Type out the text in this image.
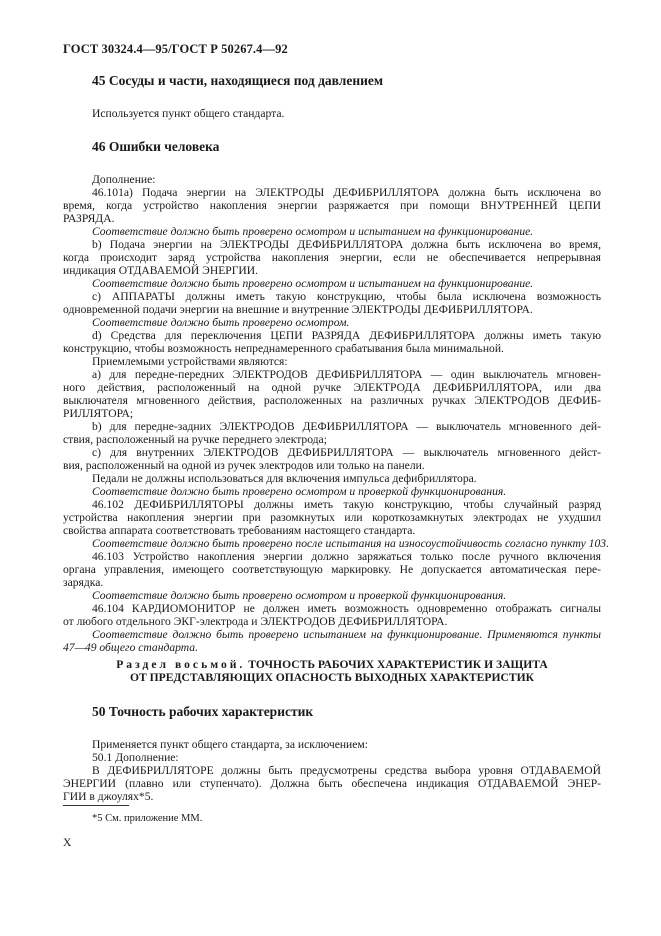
ГОСТ 30324.4—95/ГОСТ Р 50267.4—92
45 Сосуды и части, находящиеся под давлением
Используется пункт общего стандарта.
46 Ошибки человека
Дополнение:
46.101а) Подача энергии на ЭЛЕКТРОДЫ ДЕФИБРИЛЛЯТОРА должна быть исключена во
время, когда устройство накопления энергии разряжается при помощи ВНУТРЕННЕЙ ЦЕПИ
РАЗРЯДА.
Соответствие должно быть проверено осмотром и испытанием на функционирование.
b) Подача энергии на ЭЛЕКТРОДЫ ДЕФИБРИЛЛЯТОРА должна быть исключена во время,
когда происходит заряд устройства накопления энергии, если не обеспечивается непрерывная
индикация ОТДАВАЕМОЙ ЭНЕРГИИ.
Соответствие должно быть проверено осмотром и испытанием на функционирование.
c) АППАРАТЫ должны иметь такую конструкцию, чтобы была исключена возможность
одновременной подачи энергии на внешние и внутренние ЭЛЕКТРОДЫ ДЕФИБРИЛЛЯТОРА.
Соответствие должно быть проверено осмотром.
d) Средства для переключения ЦЕПИ РАЗРЯДА ДЕФИБРИЛЛЯТОРА должны иметь такую
конструкцию, чтобы возможность непреднамеренного срабатывания была минимальной.
Приемлемыми устройствами являются:
а) для передне-передних ЭЛЕКТРОДОВ ДЕФИБРИЛЛЯТОРА — один выключатель мгновен-
ного действия, расположенный на одной ручке ЭЛЕКТРОДА ДЕФИБРИЛЛЯТОРА, или два
выключателя мгновенного действия, расположенных на различных ручках ЭЛЕКТРОДОВ ДЕФИБ-
РИЛЛЯТОРА;
b) для передне-задних ЭЛЕКТРОДОВ ДЕФИБРИЛЛЯТОРА — выключатель мгновенного дей-
ствия, расположенный на ручке переднего электрода;
c) для внутренних ЭЛЕКТРОДОВ ДЕФИБРИЛЛЯТОРА — выключатель мгновенного дейст-
вия, расположенный на одной из ручек электродов или только на панели.
Педали не должны использоваться для включения импульса дефибриллятора.
Соответствие должно быть проверено осмотром и проверкой функционирования.
46.102 ДЕФИБРИЛЛЯТОРЫ должны иметь такую конструкцию, чтобы случайный разряд
устройства накопления энергии при разомкнутых или короткозамкнутых электродах не ухудшил
свойства аппарата соответствовать требованиям настоящего стандарта.
Соответствие должно быть проверено после испытания на износоустойчивость согласно пункту 103.
46.103 Устройство накопления энергии должно заряжаться только после ручного включения
органа управления, имеющего соответствующую маркировку. Не допускается автоматическая пере-
зарядка.
Соответствие должно быть проверено осмотром и проверкой функционирования.
46.104 КАРДИОМОНИТОР не должен иметь возможность одновременно отображать сигналы
от любого отдельного ЭКГ-электрода и ЭЛЕКТРОДОВ ДЕФИБРИЛЛЯТОРА.
Соответствие должно быть проверено испытанием на функционирование. Применяются пункты
47—49 общего стандарта.
Раздел восьмой. ТОЧНОСТЬ РАБОЧИХ ХАРАКТЕРИСТИК И ЗАЩИТА
ОТ ПРЕДСТАВЛЯЮЩИХ ОПАСНОСТЬ ВЫХОДНЫХ ХАРАКТЕРИСТИК
50 Точность рабочих характеристик
Применяется пункт общего стандарта, за исключением:
50.1 Дополнение:
В ДЕФИБРИЛЛЯТОРЕ должны быть предусмотрены средства выбора уровня ОТДАВАЕМОЙ
ЭНЕРГИИ (плавно или ступенчато). Должна быть обеспечена индикация ОТДАВАЕМОЙ ЭНЕР-
ГИИ в джоулях*5.
*5 См. приложение ММ.
X
